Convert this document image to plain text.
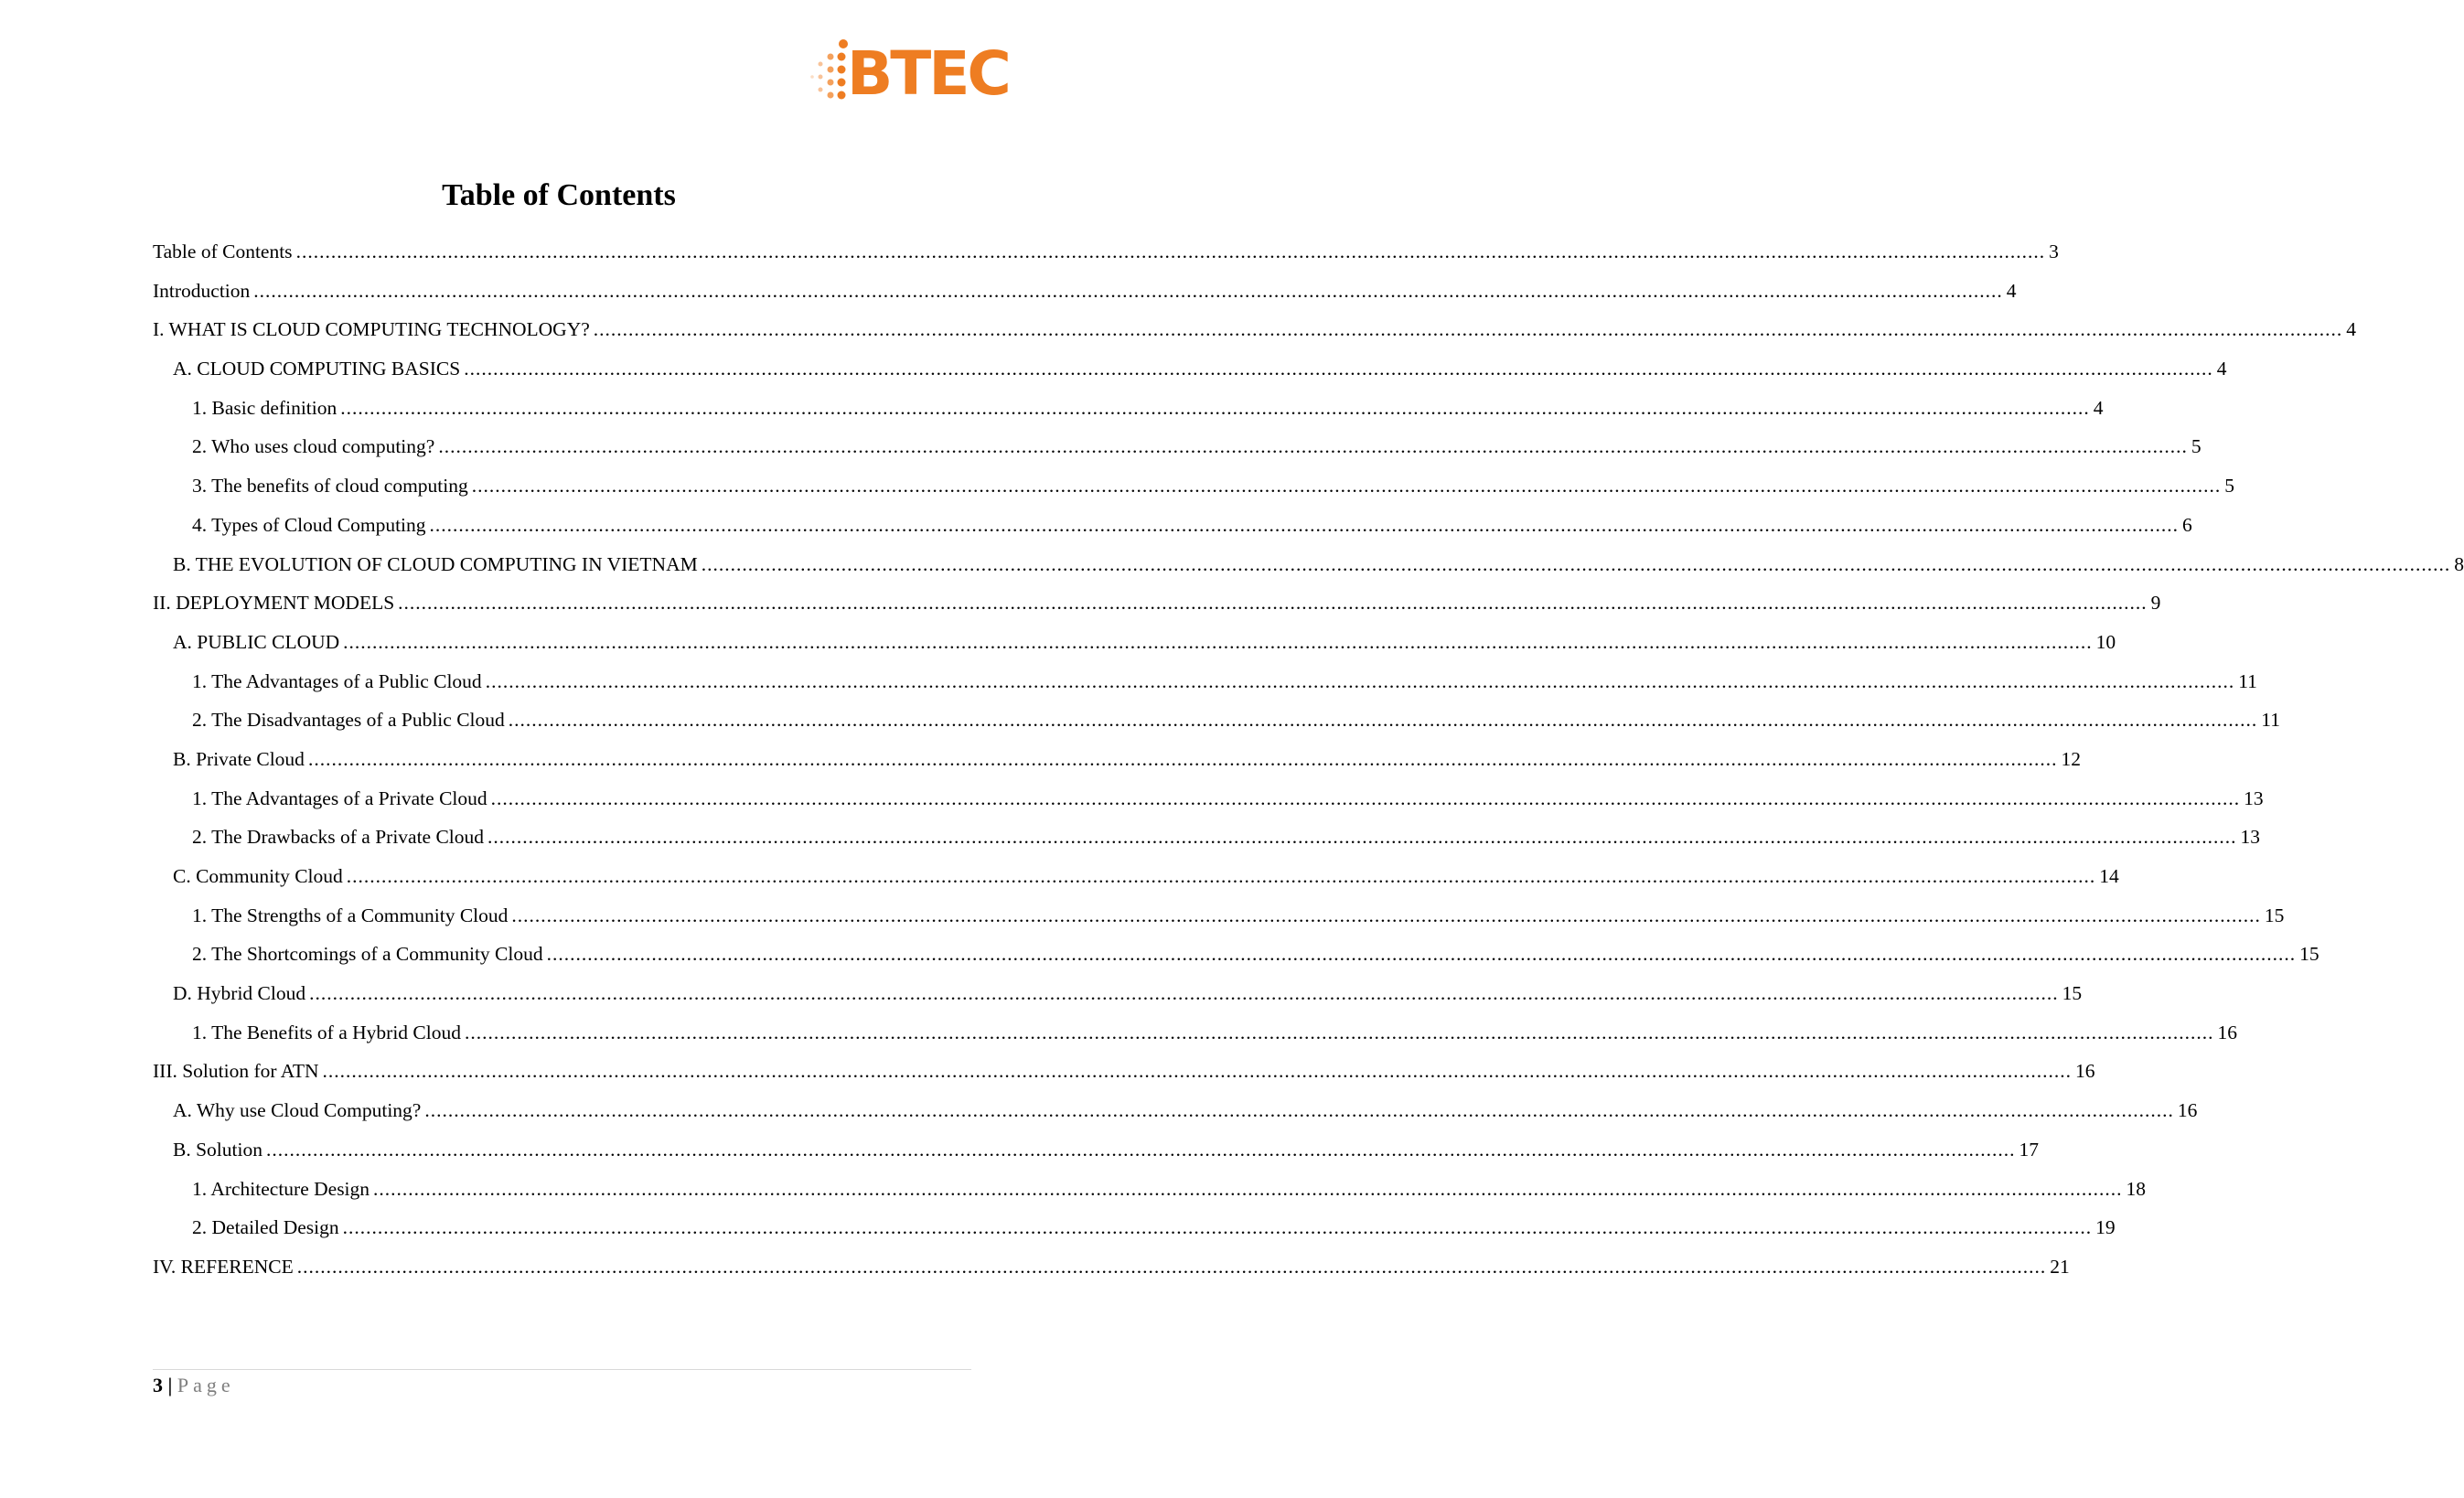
BTEC
Table of Contents
Table of Contents ............................................................................................................................................................................................................................................................................................................ 3
Introduction ............................................................................................................................................................................................................................................................................................................ 4
I. WHAT IS CLOUD COMPUTING TECHNOLOGY? ............................................................................................................................................................................................................................................................................................................ 4
A. CLOUD COMPUTING BASICS ............................................................................................................................................................................................................................................................................................................ 4
1. Basic definition ............................................................................................................................................................................................................................................................................................................ 4
2. Who uses cloud computing? ............................................................................................................................................................................................................................................................................................................ 5
3. The benefits of cloud computing ............................................................................................................................................................................................................................................................................................................ 5
4. Types of Cloud Computing ............................................................................................................................................................................................................................................................................................................ 6
B. THE EVOLUTION OF CLOUD COMPUTING IN VIETNAM ............................................................................................................................................................................................................................................................................................................ 8
II. DEPLOYMENT MODELS ............................................................................................................................................................................................................................................................................................................ 9
A. PUBLIC CLOUD ............................................................................................................................................................................................................................................................................................................ 10
1. The Advantages of a Public Cloud ............................................................................................................................................................................................................................................................................................................ 11
2. The Disadvantages of a Public Cloud ............................................................................................................................................................................................................................................................................................................ 11
B. Private Cloud ............................................................................................................................................................................................................................................................................................................ 12
1. The Advantages of a Private Cloud ............................................................................................................................................................................................................................................................................................................ 13
2. The Drawbacks of a Private Cloud ............................................................................................................................................................................................................................................................................................................ 13
C. Community Cloud ............................................................................................................................................................................................................................................................................................................ 14
1. The Strengths of a Community Cloud ............................................................................................................................................................................................................................................................................................................ 15
2. The Shortcomings of a Community Cloud ............................................................................................................................................................................................................................................................................................................ 15
D. Hybrid Cloud ............................................................................................................................................................................................................................................................................................................ 15
1. The Benefits of a Hybrid Cloud ............................................................................................................................................................................................................................................................................................................ 16
III. Solution for ATN ............................................................................................................................................................................................................................................................................................................ 16
A. Why use Cloud Computing? ............................................................................................................................................................................................................................................................................................................ 16
B. Solution ............................................................................................................................................................................................................................................................................................................ 17
1. Architecture Design ............................................................................................................................................................................................................................................................................................................ 18
2. Detailed Design ............................................................................................................................................................................................................................................................................................................ 19
IV. REFERENCE ............................................................................................................................................................................................................................................................................................................ 21
3 | Page
